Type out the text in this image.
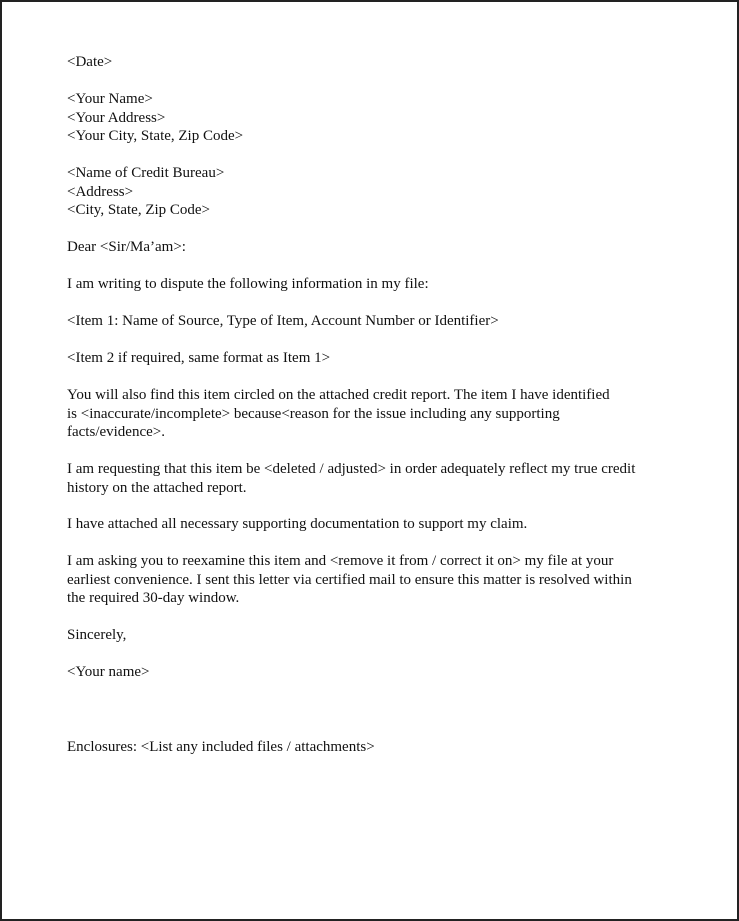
<Date>
<Your Name>
<Your Address>
<Your City, State, Zip Code>
<Name of Credit Bureau>
<Address>
<City, State, Zip Code>
Dear <Sir/Ma’am>:
I am writing to dispute the following information in my file:
<Item 1: Name of Source, Type of Item, Account Number or Identifier>
<Item 2 if required, same format as Item 1>
You will also find this item circled on the attached credit report. The item I have identified
is <inaccurate/incomplete> because<reason for the issue including any supporting
facts/evidence>.
I am requesting that this item be <deleted / adjusted> in order adequately reflect my true credit
history on the attached report.
I have attached all necessary supporting documentation to support my claim.
I am asking you to reexamine this item and <remove it from / correct it on> my file at your
earliest convenience. I sent this letter via certified mail to ensure this matter is resolved within
the required 30-day window.
Sincerely,
<Your name>
Enclosures: <List any included files / attachments>
